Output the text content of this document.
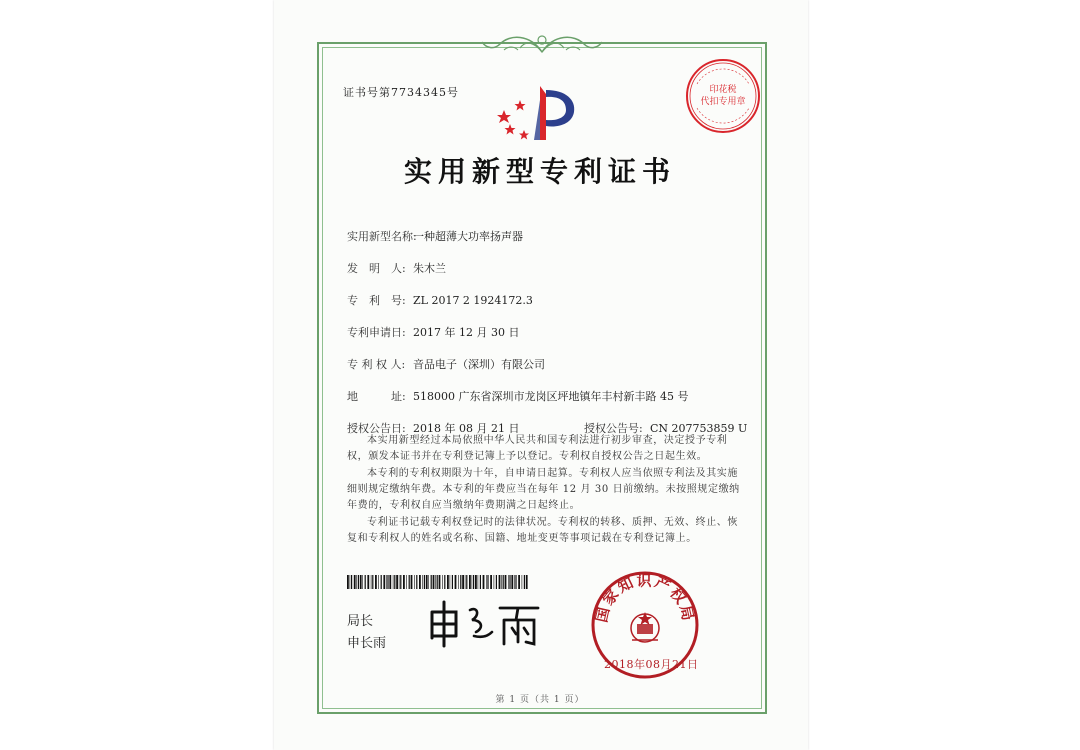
证书号第7734345号	印花税
代扣专用章
实用新型专利证书
实用新型名称:一种超薄大功率扬声器
发　明　人: 朱木兰
专　利　号: ZL 2017 2 1924172.3
专利申请日: 2017 年 12 月 30 日
专 利 权 人: 音品电子（深圳）有限公司
地　　　址: 518000 广东省深圳市龙岗区坪地镇年丰村新丰路 45 号
授权公告日: 2018 年 08 月 21 日	授权公告号: CN 207753859 U

本实用新型经过本局依照中华人民共和国专利法进行初步审查，决定授予专利权，颁发本证书并在专利登记簿上予以登记。专利权自授权公告之日起生效。

本专利的专利权期限为十年，自申请日起算。专利权人应当依照专利法及其实施细则规定缴纳年费。本专利的年费应当在每年 12 月 30 日前缴纳。未按照规定缴纳年费的，专利权自应当缴纳年费期满之日起终止。

专利证书记载专利权登记时的法律状况。专利权的转移、质押、无效、终止、恢复和专利权人的姓名或名称、国籍、地址变更等事项记载在专利登记簿上。

局长
申长雨
国家知识产权局
2018年08月21日
第 1 页（共 1 页）
